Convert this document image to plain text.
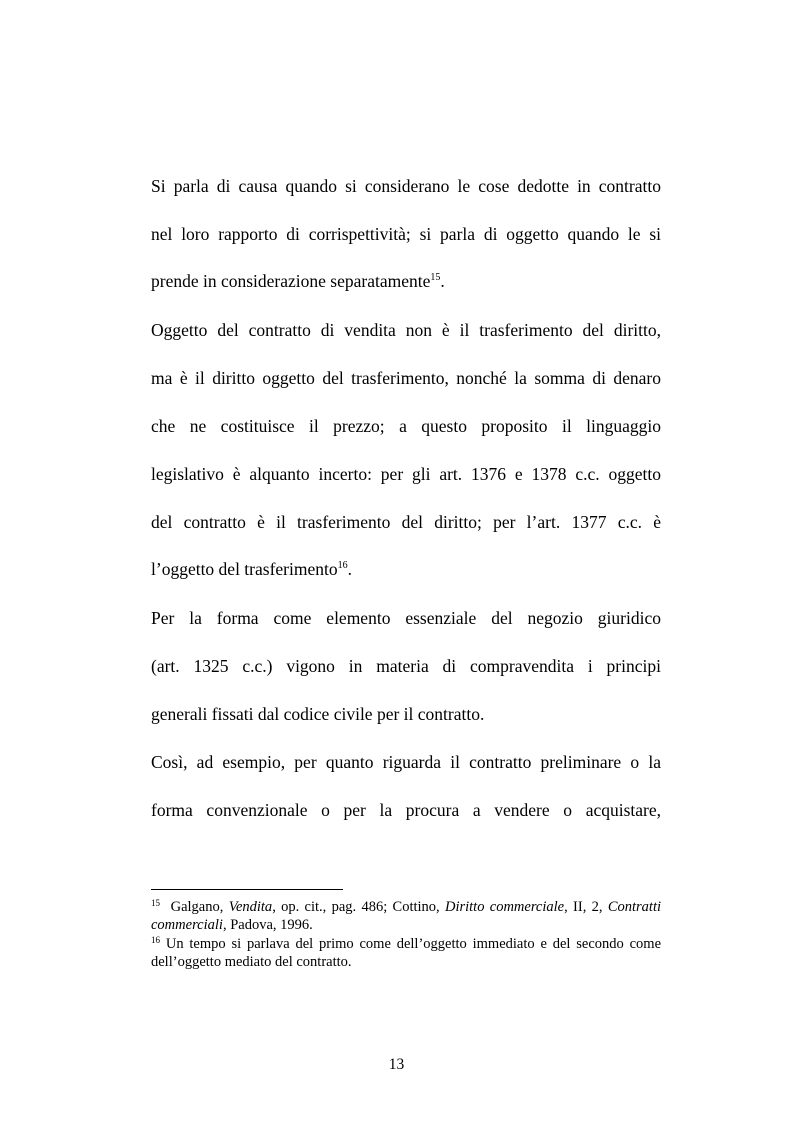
Si parla di causa quando si considerano le cose dedotte in contratto
nel loro rapporto di corrispettività; si parla di oggetto quando le si
prende in considerazione separatamente$^{15}$.
Oggetto del contratto di vendita non è il trasferimento del diritto,
ma è il diritto oggetto del trasferimento, nonché la somma di denaro
che ne costituisce il prezzo; a questo proposito il linguaggio
legislativo è alquanto incerto: per gli art. 1376 e 1378 c.c. oggetto
del contratto è il trasferimento del diritto; per l’art. 1377 c.c. è
l’oggetto del trasferimento$^{16}$.
Per la forma come elemento essenziale del negozio giuridico
(art. 1325 c.c.) vigono in materia di compravendita i principi
generali fissati dal codice civile per il contratto.
Così, ad esempio, per quanto riguarda il contratto preliminare o la
forma convenzionale o per la procura a vendere o acquistare,
$^{15}$ Galgano, Vendita, op. cit., pag. 486; Cottino, Diritto commerciale, II, 2, Contratti commerciali, Padova, 1996.
$^{16}$ Un tempo si parlava del primo come dell’oggetto immediato e del secondo come dell’oggetto mediato del contratto.
13
